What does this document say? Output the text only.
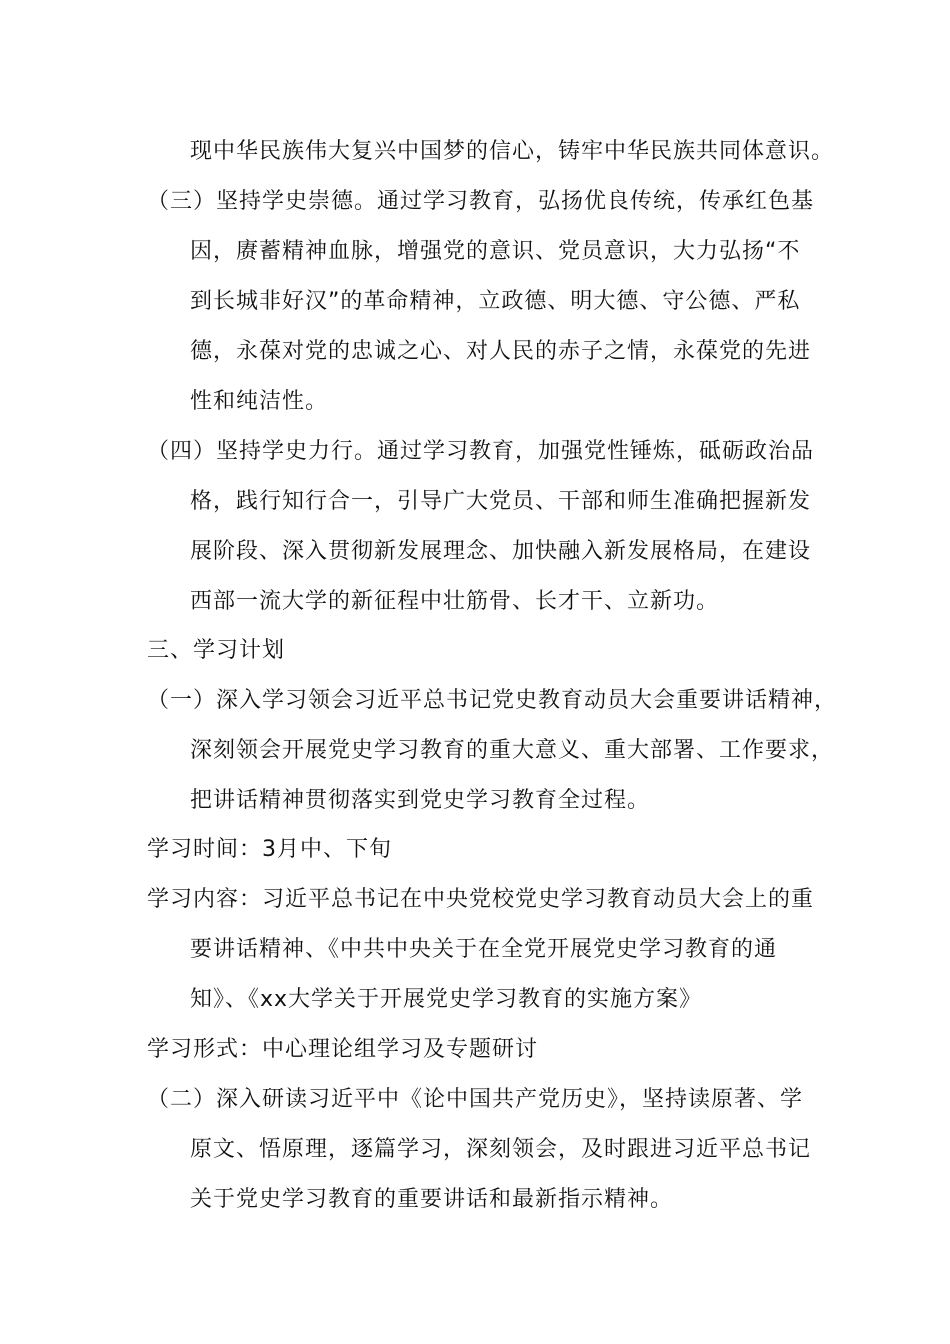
现中华民族伟大复兴中国梦的信心，铸牢中华民族共同体意识。
（三）坚持学史崇德。通过学习教育，弘扬优良传统，传承红色基
因，赓蓄精神血脉，增强党的意识、党员意识，大力弘扬“不
到长城非好汉”的革命精神，立政德、明大德、守公德、严私
德，永葆对党的忠诚之心、对人民的赤子之情，永葆党的先进
性和纯洁性。
（四）坚持学史力行。通过学习教育，加强党性锤炼，砥砺政治品
格，践行知行合一，引导广大党员、干部和师生准确把握新发
展阶段、深入贯彻新发展理念、加快融入新发展格局，在建设
西部一流大学的新征程中壮筋骨、长才干、立新功。
三、学习计划
（一）深入学习领会习近平总书记党史教育动员大会重要讲话精神，
深刻领会开展党史学习教育的重大意义、重大部署、工作要求，
把讲话精神贯彻落实到党史学习教育全过程。
学习时间：3月中、下旬
学习内容：习近平总书记在中央党校党史学习教育动员大会上的重
要讲话精神、《中共中央关于在全党开展党史学习教育的通
知》、《xx大学关于开展党史学习教育的实施方案》
学习形式：中心理论组学习及专题研讨
（二）深入研读习近平中《论中国共产党历史》，坚持读原著、学
原文、悟原理，逐篇学习，深刻领会，及时跟进习近平总书记
关于党史学习教育的重要讲话和最新指示精神。
